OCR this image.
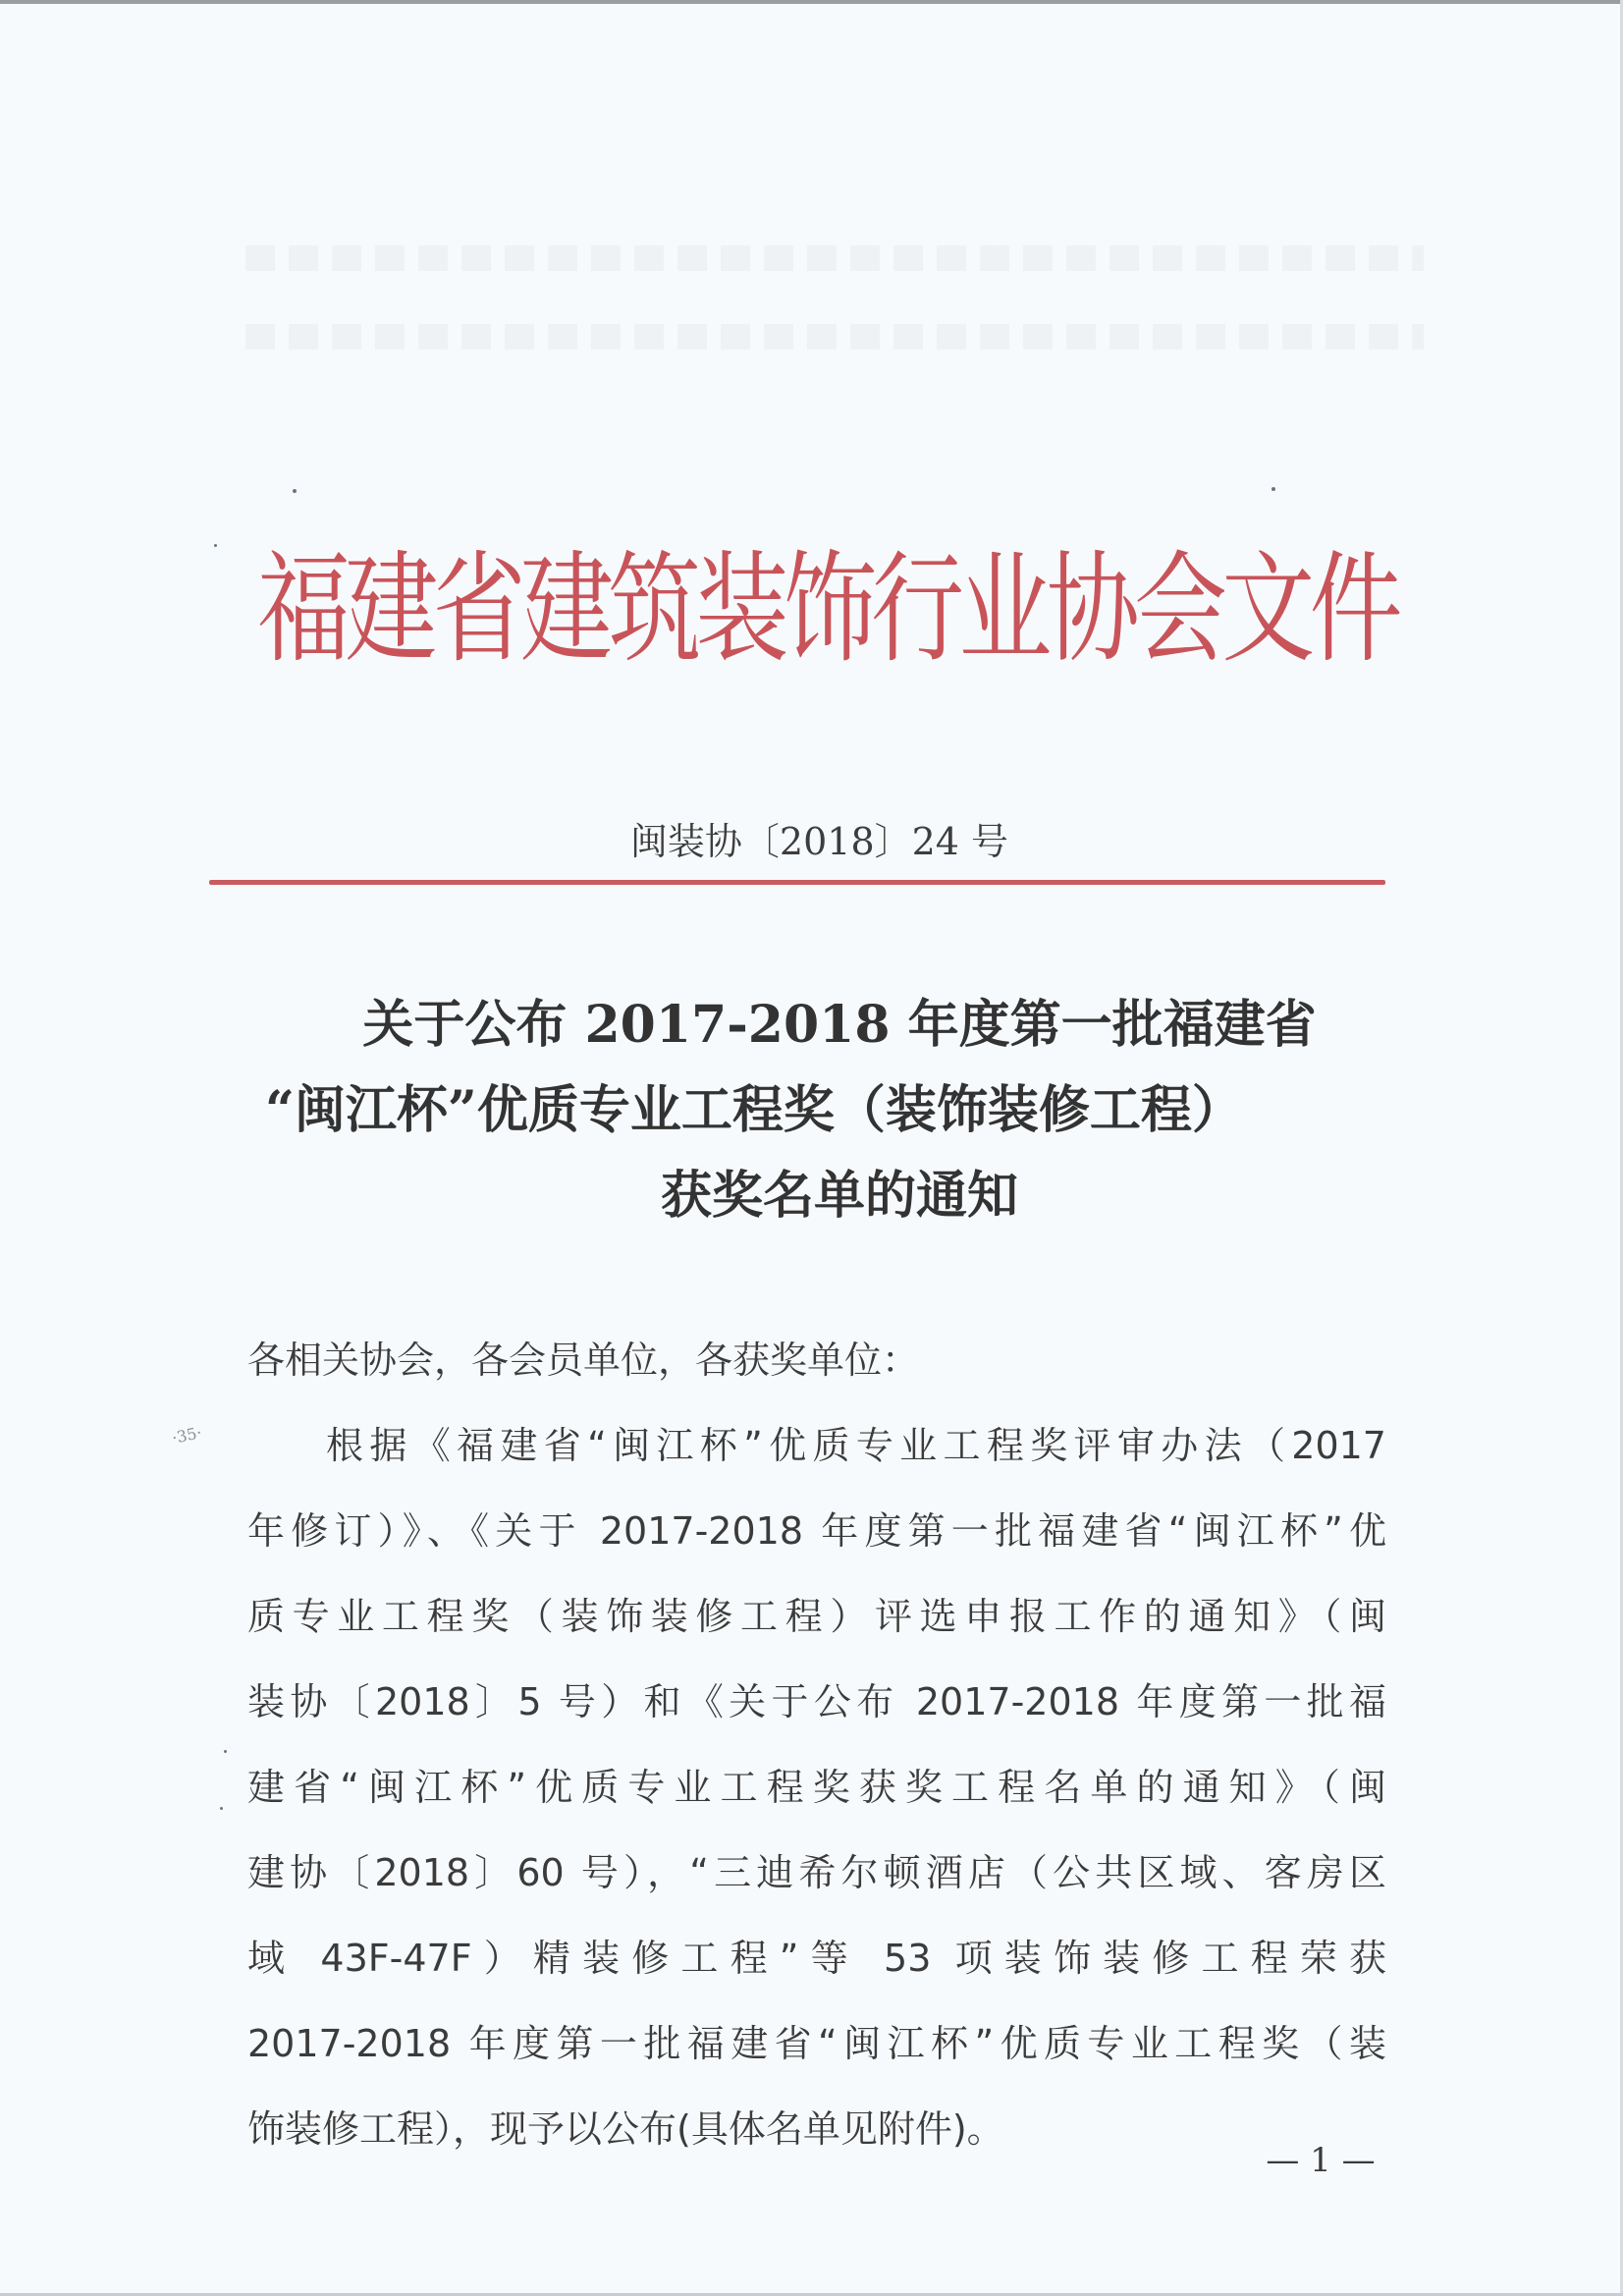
福建省建筑装饰行业协会文件
闽装协〔2018〕24 号
关于公布 2017-2018 年度第一批福建省
“闽江杯”优质专业工程奖（装饰装修工程）
获奖名单的通知
·35·
各相关协会，各会员单位，各获奖单位：
根据《福建省“闽江杯”优质专业工程奖评审办法（2017
年修订）》、《关于 2017-2018 年度第一批福建省“闽江杯”优
质专业工程奖（装饰装修工程）评选申报工作的通知》（闽
装协〔2018〕5 号）和《关于公布 2017-2018 年度第一批福
建省“闽江杯”优质专业工程奖获奖工程名单的通知》（闽
建协〔2018〕60 号），“三迪希尔顿酒店（公共区域、客房区
域 43F-47F）精装修工程”等 53 项装饰装修工程荣获
2017-2018 年度第一批福建省“闽江杯”优质专业工程奖（装
饰装修工程），现予以公布(具体名单见附件)。
— 1 —
